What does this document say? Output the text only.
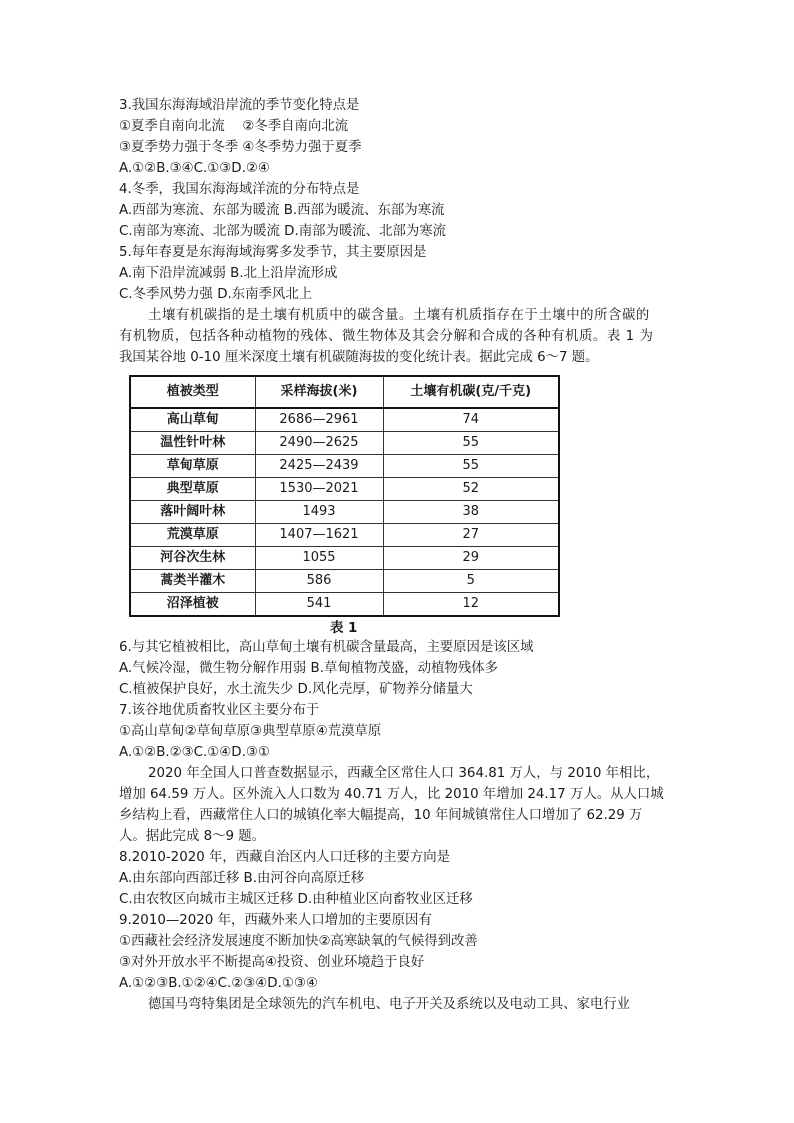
3.我国东海海域沿岸流的季节变化特点是
①夏季自南向北流　 ②冬季自南向北流
③夏季势力强于冬季 ④冬季势力强于夏季
A.①②B.③④C.①③D.②④
4.冬季，我国东海海域洋流的分布特点是
A.西部为寒流、东部为暖流 B.西部为暖流、东部为寒流
C.南部为寒流、北部为暖流 D.南部为暖流、北部为寒流
5.每年春夏是东海海域海雾多发季节，其主要原因是
A.南下沿岸流减弱 B.北上沿岸流形成
C.冬季风势力强 D.东南季风北上
土壤有机碳指的是土壤有机质中的碳含量。土壤有机质指存在于土壤中的所含碳的
有机物质，包括各种动植物的残体、微生物体及其会分解和合成的各种有机质。表 1 为
我国某谷地 0-10 厘米深度土壤有机碳随海拔的变化统计表。据此完成 6～7 题。
植被类型	采样海拔(米)	土壤有机碳(克/千克)
高山草甸	2686—2961	74
温性针叶林	2490—2625	55
草甸草原	2425—2439	55
典型草原	1530—2021	52
落叶阔叶林	1493	38
荒漠草原	1407—1621	27
河谷次生林	1055	29
蒿类半灌木	586	5
沼泽植被	541	12
表 1
6.与其它植被相比，高山草甸土壤有机碳含量最高，主要原因是该区域
A.气候冷湿，微生物分解作用弱 B.草甸植物茂盛，动植物残体多
C.植被保护良好，水土流失少 D.风化壳厚，矿物养分储量大
7.该谷地优质畜牧业区主要分布于
①高山草甸②草甸草原③典型草原④荒漠草原
A.①②B.②③C.①④D.③①
2020 年全国人口普查数据显示，西藏全区常住人口 364.81 万人，与 2010 年相比，
增加 64.59 万人。区外流入人口数为 40.71 万人，比 2010 年增加 24.17 万人。从人口城
乡结构上看，西藏常住人口的城镇化率大幅提高，10 年间城镇常住人口增加了 62.29 万
人。据此完成 8～9 题。
8.2010-2020 年，西藏自治区内人口迁移的主要方向是
A.由东部向西部迁移 B.由河谷向高原迁移
C.由农牧区向城市主城区迁移 D.由种植业区向畜牧业区迁移
9.2010—2020 年，西藏外来人口增加的主要原因有
①西藏社会经济发展速度不断加快②高寒缺氧的气候得到改善
③对外开放水平不断提高④投资、创业环境趋于良好
A.①②③B.①②④C.②③④D.①③④
德国马弯特集团是全球领先的汽车机电、电子开关及系统以及电动工具、家电行业
